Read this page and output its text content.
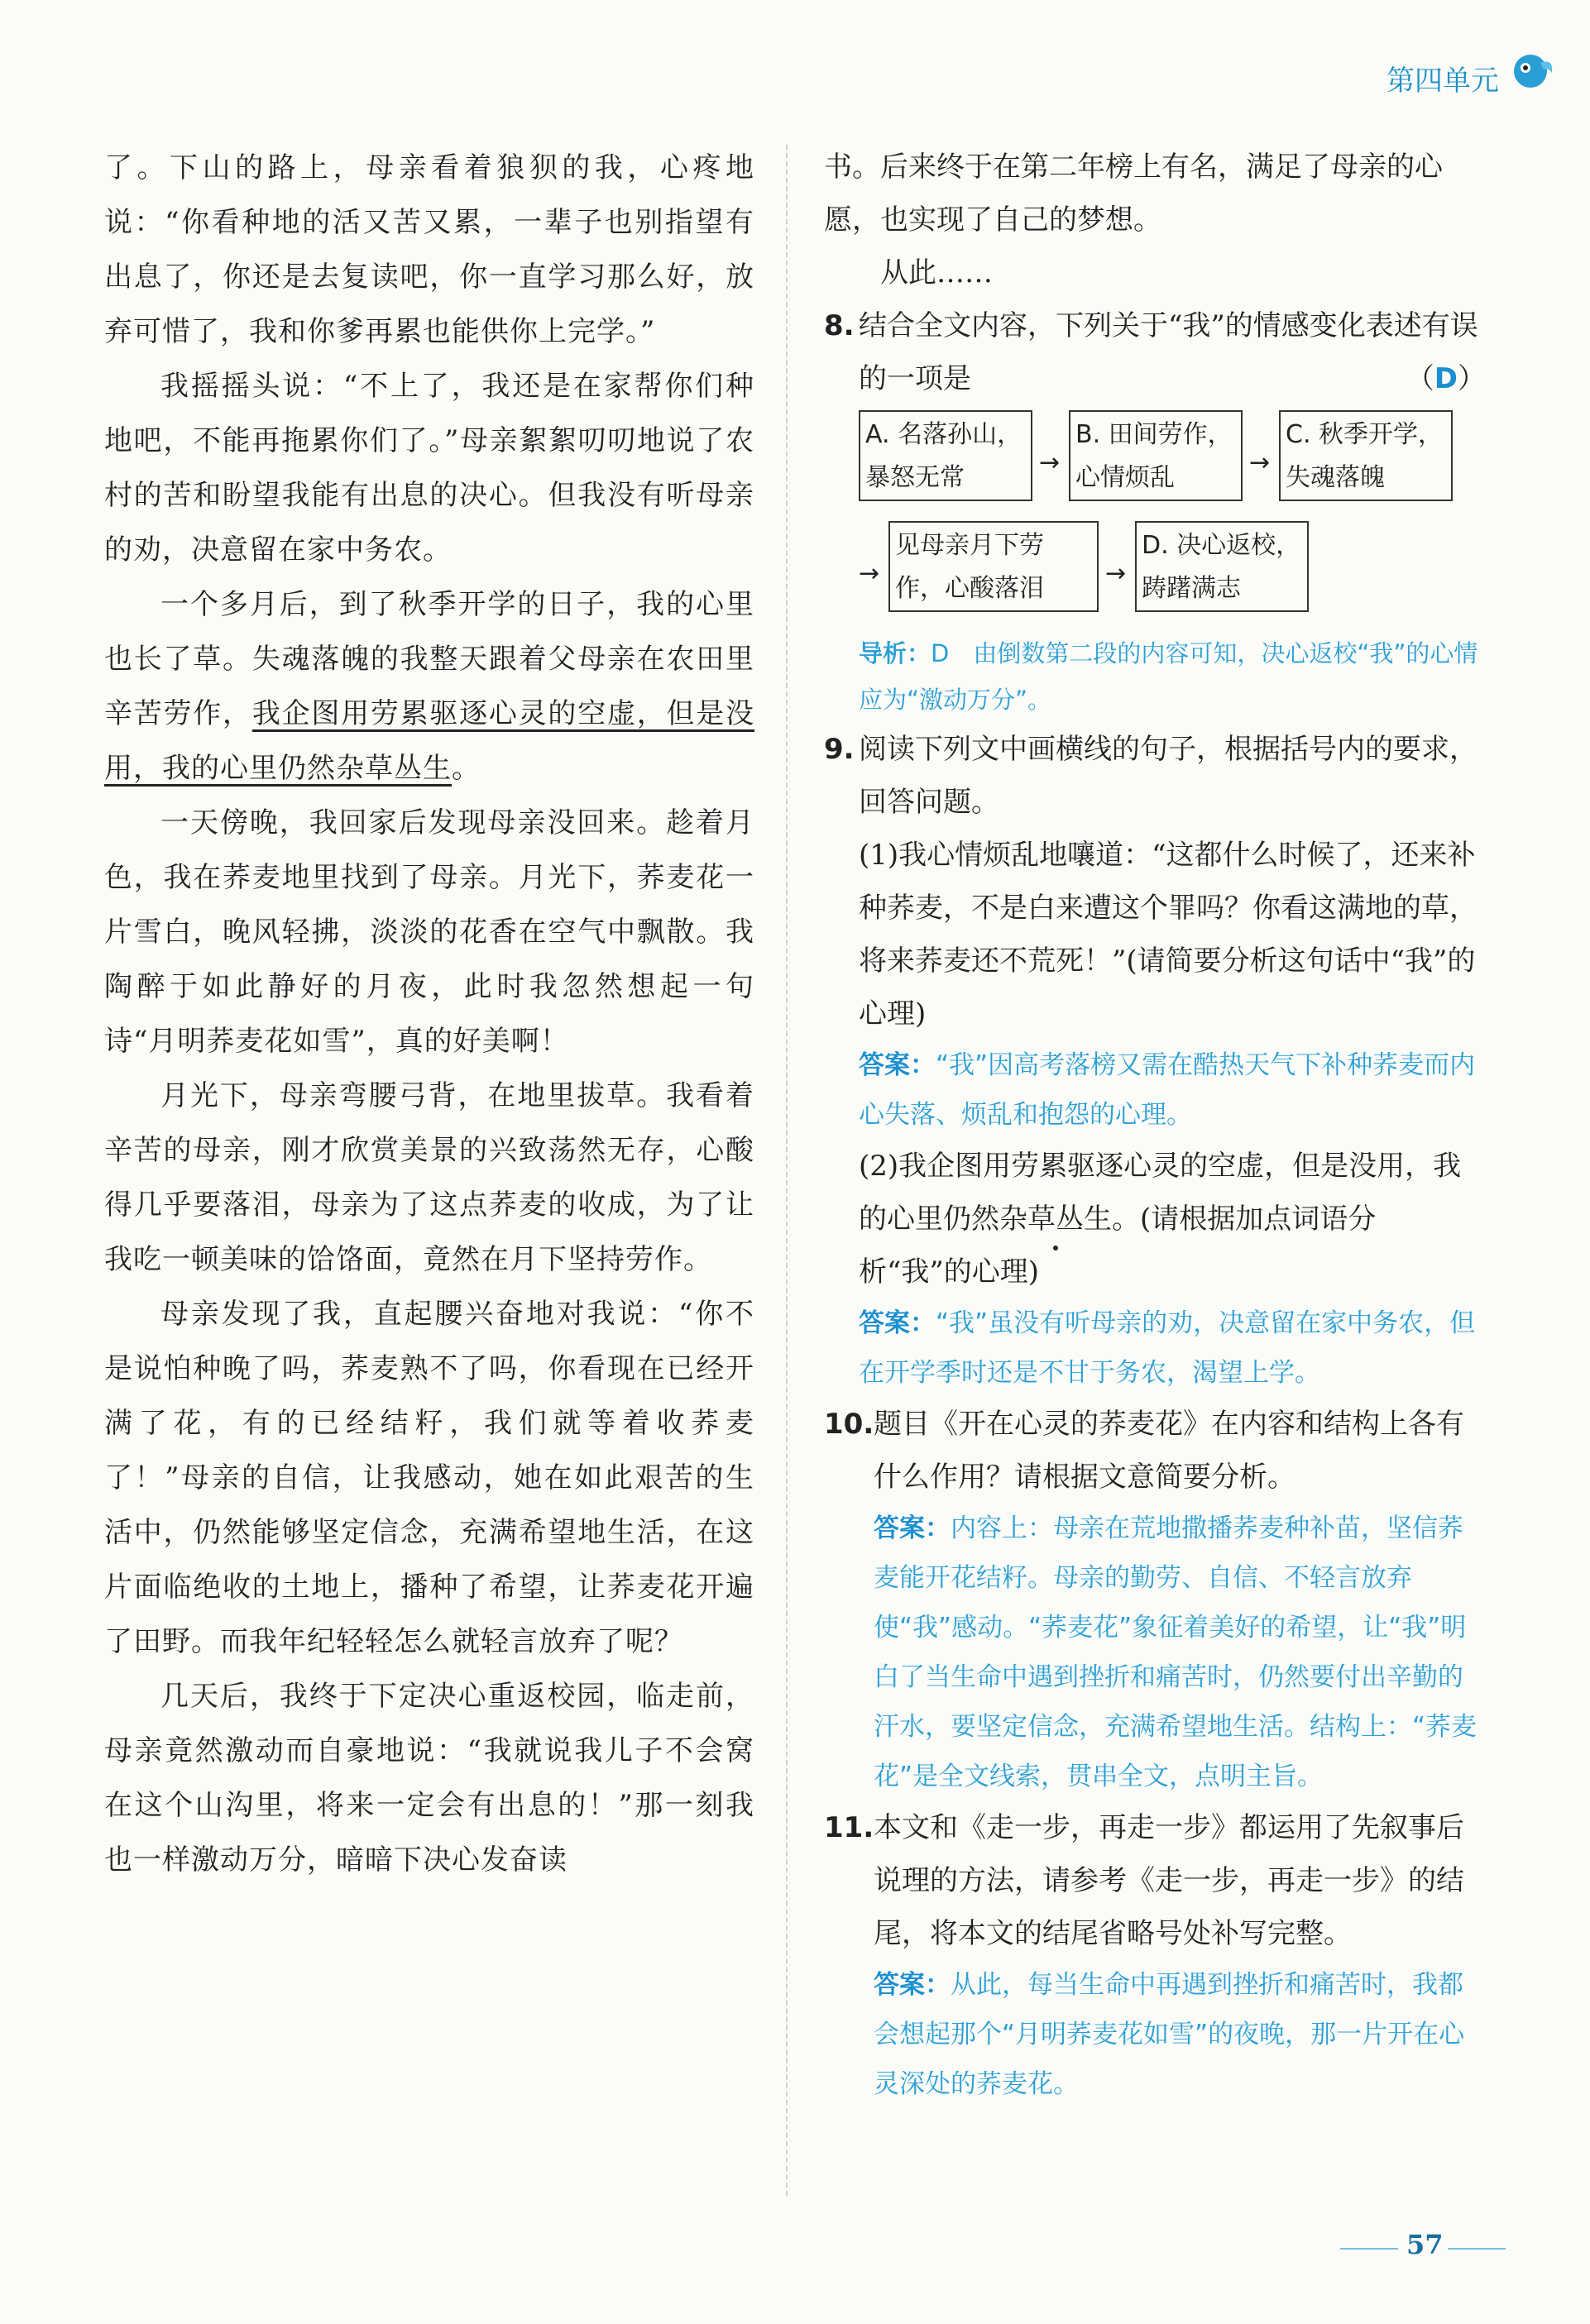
第四单元

了。下山的路上，母亲看着狼狈的我，心疼地说：“你看种地的活又苦又累，一辈子也别指望有出息了，你还是去复读吧，你一直学习那么好，放弃可惜了，我和你爹再累也能供你上完学。”

我摇摇头说：“不上了，我还是在家帮你们种地吧，不能再拖累你们了。”母亲絮絮叨叨地说了农村的苦和盼望我能有出息的决心。但我没有听母亲的劝，决意留在家中务农。

一个多月后，到了秋季开学的日子，我的心里也长了草。失魂落魄的我整天跟着父母亲在农田里辛苦劳作，我企图用劳累驱逐心灵的空虚，但是没用，我的心里仍然杂草丛生。

一天傍晚，我回家后发现母亲没回来。趁着月色，我在荞麦地里找到了母亲。月光下，荞麦花一片雪白，晚风轻拂，淡淡的花香在空气中飘散。我陶醉于如此静好的月夜，此时我忽然想起一句诗“月明荞麦花如雪”，真的好美啊！

月光下，母亲弯腰弓背，在地里拔草。我看着辛苦的母亲，刚才欣赏美景的兴致荡然无存，心酸得几乎要落泪，母亲为了这点荞麦的收成，为了让我吃一顿美味的饸饹面，竟然在月下坚持劳作。

母亲发现了我，直起腰兴奋地对我说：“你不是说怕种晚了吗，荞麦熟不了吗，你看现在已经开满了花，有的已经结籽，我们就等着收荞麦了！”母亲的自信，让我感动，她在如此艰苦的生活中，仍然能够坚定信念，充满希望地生活，在这片面临绝收的土地上，播种了希望，让荞麦花开遍了田野。而我年纪轻轻怎么就轻言放弃了呢？

几天后，我终于下定决心重返校园，临走前，母亲竟然激动而自豪地说：“我就说我儿子不会窝在这个山沟里，将来一定会有出息的！”那一刻我也一样激动万分，暗暗下决心发奋读

书。后来终于在第二年榜上有名，满足了母亲的心愿，也实现了自己的梦想。

从此……

8. 结合全文内容，下列关于“我”的情感变化表述有误的一项是	（D）
A. 名落孙山，暴怒无常
→
B. 田间劳作，心情烦乱
→
C. 秋季开学，失魂落魄
→
见母亲月下劳作，心酸落泪
→
D. 决心返校，踌躇满志
导析：D　由倒数第二段的内容可知，决心返校“我”的心情应为“激动万分”。
9. 阅读下列文中画横线的句子，根据括号内的要求，回答问题。

(1)我心情烦乱地嚷道：“这都什么时候了，还来补种荞麦，不是白来遭这个罪吗？你看这满地的草，将来荞麦还不荒死！”(请简要分析这句话中“我”的心理)

答案：“我”因高考落榜又需在酷热天气下补种荞麦而内心失落、烦乱和抱怨的心理。

(2)我企图用劳累驱逐心灵的空虚，但是没用，我的心里仍然杂草丛生。(请根据加点词语分析“我”的心理)

答案：“我”虽没有听母亲的劝，决意留在家中务农，但在开学季时还是不甘于务农，渴望上学。
10. 题目《开在心灵的荞麦花》在内容和结构上各有什么作用？请根据文意简要分析。
答案：内容上：母亲在荒地撒播荞麦种补苗，坚信荞麦能开花结籽。母亲的勤劳、自信、不轻言放弃使“我”感动。“荞麦花”象征着美好的希望，让“我”明白了当生命中遇到挫折和痛苦时，仍然要付出辛勤的汗水，要坚定信念，充满希望地生活。结构上：“荞麦花”是全文线索，贯串全文，点明主旨。
11. 本文和《走一步，再走一步》都运用了先叙事后说理的方法，请参考《走一步，再走一步》的结尾，将本文的结尾省略号处补写完整。
答案：从此，每当生命中再遇到挫折和痛苦时，我都会想起那个“月明荞麦花如雪”的夜晚，那一片开在心灵深处的荞麦花。
57
